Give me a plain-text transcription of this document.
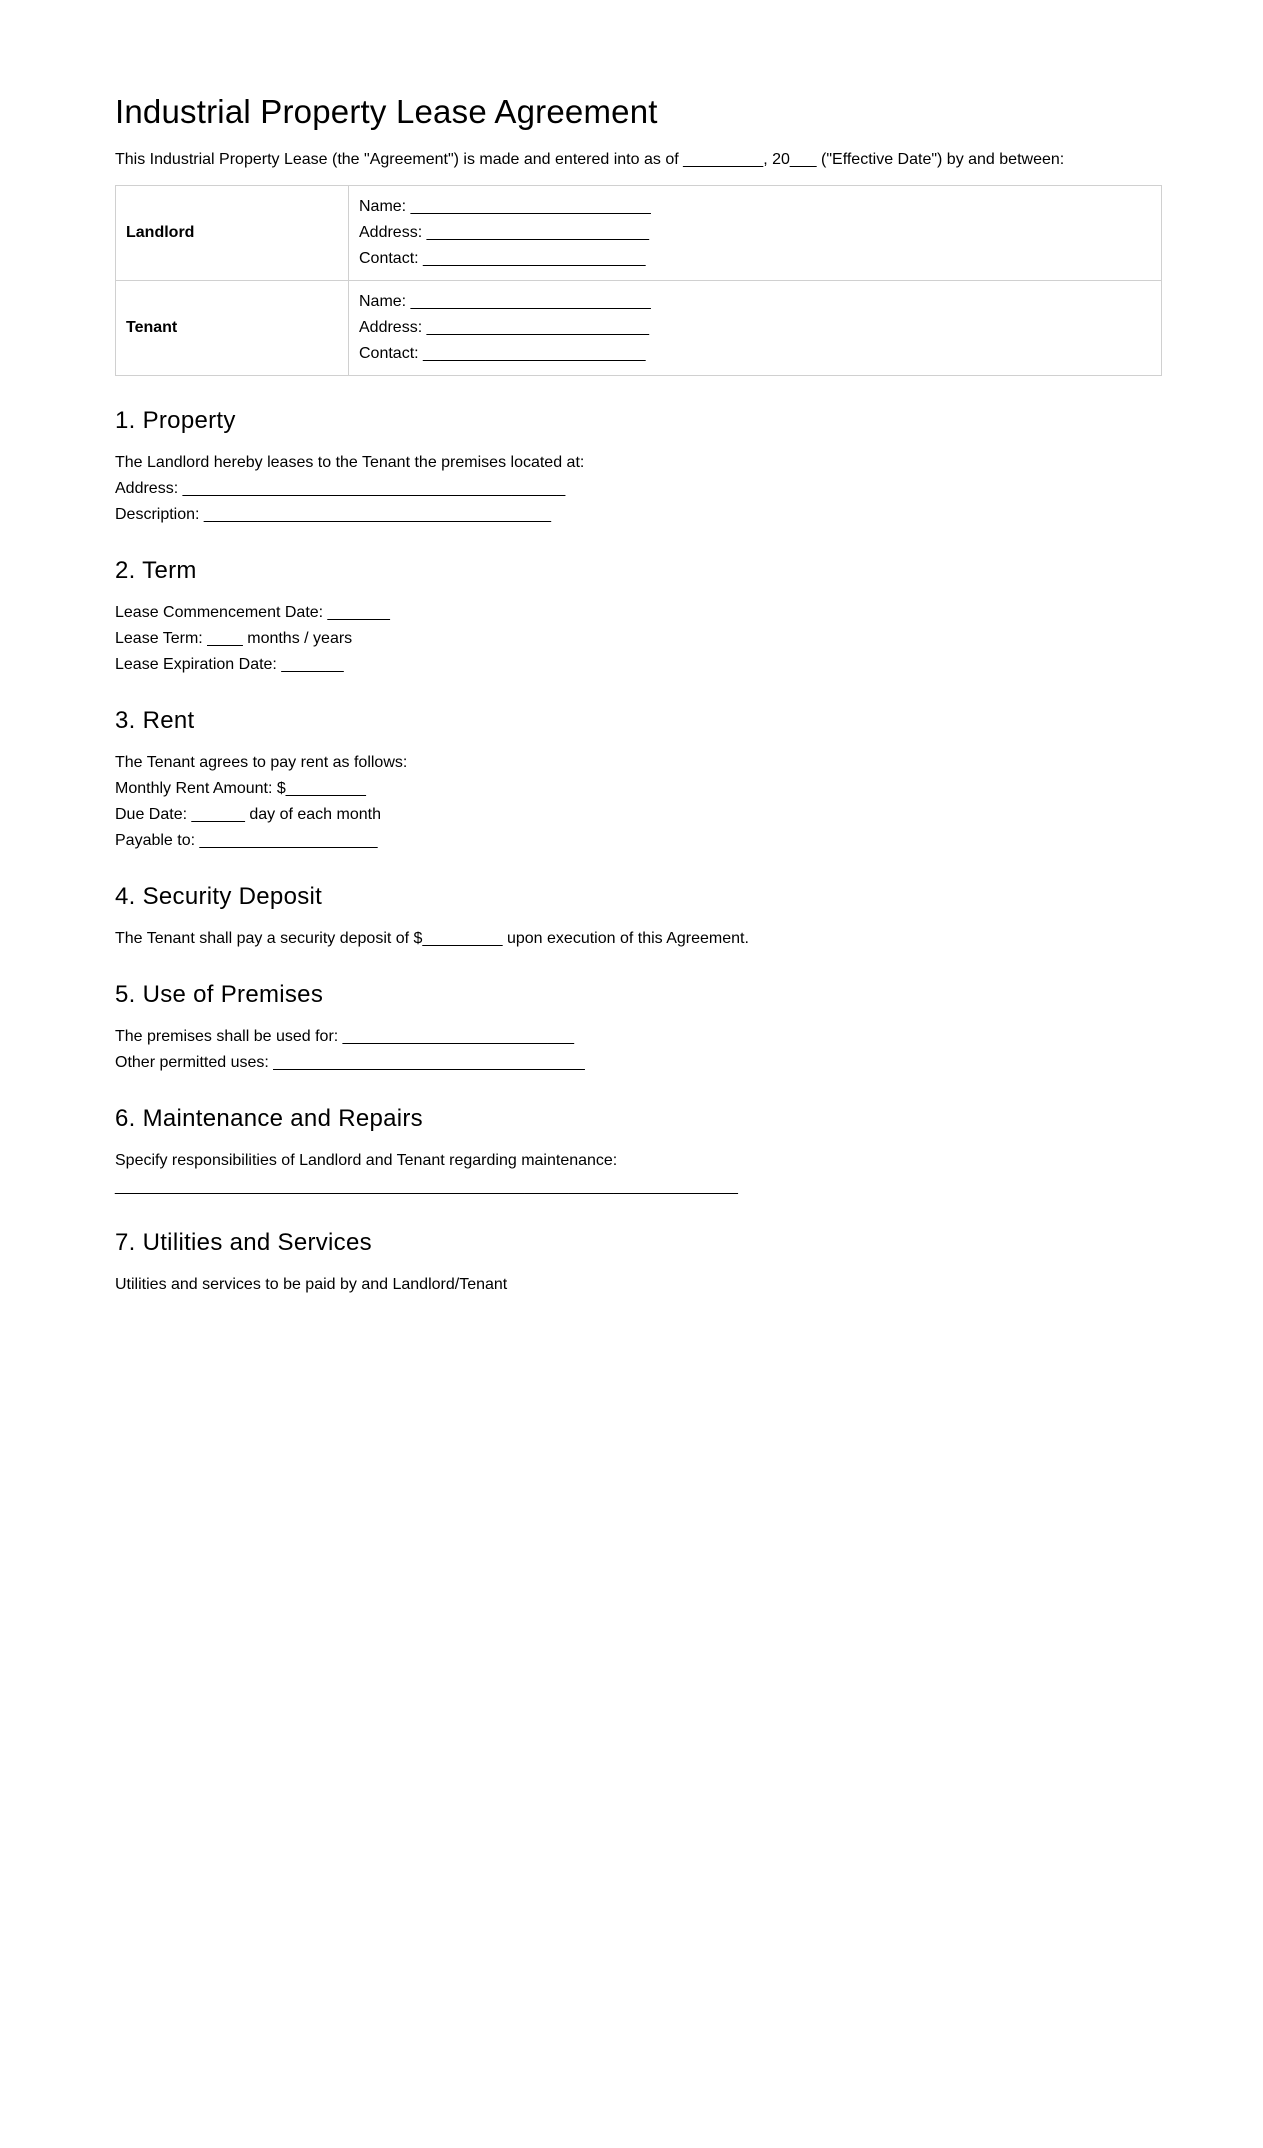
Industrial Property Lease Agreement

This Industrial Property Lease (the "Agreement") is made and entered into as of _________, 20___ ("Effective Date") by and between:

Landlord	Name: ___________________________
Address: _________________________
Contact: _________________________

Tenant	Name: ___________________________
Address: _________________________
Contact: _________________________
1. Property
The Landlord hereby leases to the Tenant the premises located at:
Address: ___________________________________________
Description: _______________________________________
2. Term
Lease Commencement Date: _______
Lease Term: ____ months / years
Lease Expiration Date: _______
3. Rent
The Tenant agrees to pay rent as follows:
Monthly Rent Amount: $_________
Due Date: ______ day of each month
Payable to: ____________________
4. Security Deposit
The Tenant shall pay a security deposit of $_________ upon execution of this Agreement.
5. Use of Premises
The premises shall be used for: __________________________
Other permitted uses: ___________________________________
6. Maintenance and Repairs
Specify responsibilities of Landlord and Tenant regarding maintenance:
______________________________________________________________________
7. Utilities and Services
Utilities and services to be paid by and Landlord/Tenant
